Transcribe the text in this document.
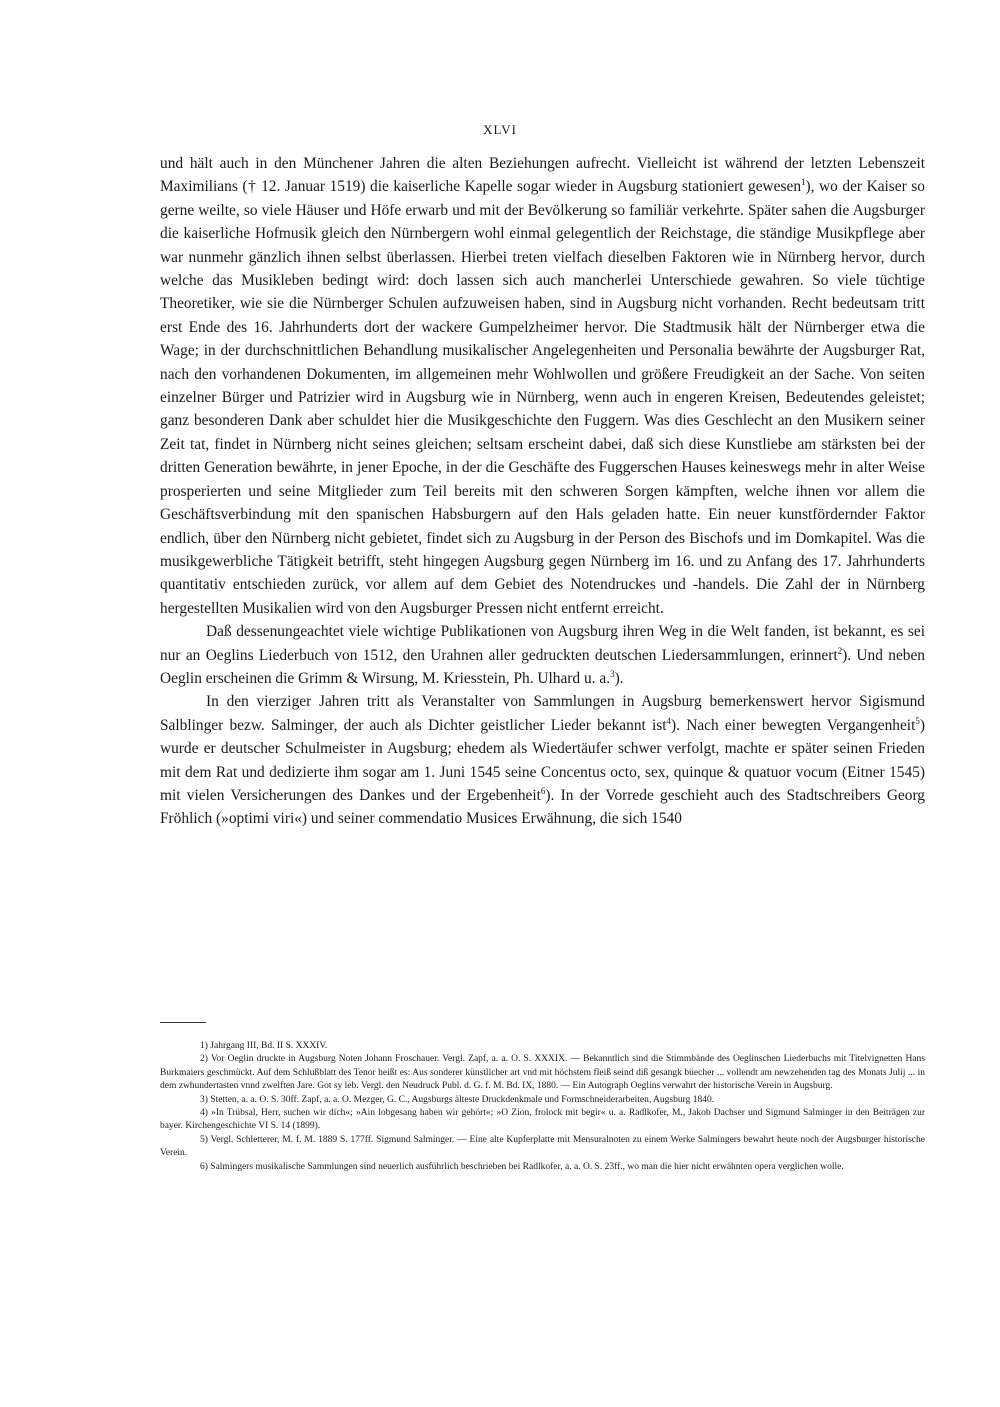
XLVI

und hält auch in den Münchener Jahren die alten Beziehungen aufrecht. Vielleicht ist während der letzten Lebenszeit Maximilians († 12. Januar 1519) die kaiserliche Kapelle sogar wieder in Augsburg stationiert gewesen$^1$), wo der Kaiser so gerne weilte, so viele Häuser und Höfe erwarb und mit der Bevölkerung so familiär verkehrte. Später sahen die Augsburger die kaiserliche Hofmusik gleich den Nürnbergern wohl einmal gelegentlich der Reichstage, die ständige Musikpflege aber war nunmehr gänzlich ihnen selbst überlassen. Hierbei treten vielfach dieselben Faktoren wie in Nürnberg hervor, durch welche das Musikleben bedingt wird: doch lassen sich auch mancherlei Unterschiede gewahren. So viele tüchtige Theoretiker, wie sie die Nürnberger Schulen aufzuweisen haben, sind in Augsburg nicht vorhanden. Recht bedeutsam tritt erst Ende des 16. Jahrhunderts dort der wackere Gumpelzheimer hervor. Die Stadtmusik hält der Nürnberger etwa die Wage; in der durchschnittlichen Behandlung musikalischer Angelegenheiten und Personalia bewährte der Augsburger Rat, nach den vorhandenen Dokumenten, im allgemeinen mehr Wohlwollen und größere Freudigkeit an der Sache. Von seiten einzelner Bürger und Patrizier wird in Augsburg wie in Nürnberg, wenn auch in engeren Kreisen, Bedeutendes geleistet; ganz besonderen Dank aber schuldet hier die Musikgeschichte den Fuggern. Was dies Geschlecht an den Musikern seiner Zeit tat, findet in Nürnberg nicht seines gleichen; seltsam erscheint dabei, daß sich diese Kunstliebe am stärksten bei der dritten Generation bewährte, in jener Epoche, in der die Geschäfte des Fuggerschen Hauses keineswegs mehr in alter Weise prosperierten und seine Mitglieder zum Teil bereits mit den schweren Sorgen kämpften, welche ihnen vor allem die Geschäftsverbindung mit den spanischen Habsburgern auf den Hals geladen hatte. Ein neuer kunstfördernder Faktor endlich, über den Nürnberg nicht gebietet, findet sich zu Augsburg in der Person des Bischofs und im Domkapitel. Was die musikgewerbliche Tätigkeit betrifft, steht hingegen Augsburg gegen Nürnberg im 16. und zu Anfang des 17. Jahrhunderts quantitativ entschieden zurück, vor allem auf dem Gebiet des Notendruckes und -handels. Die Zahl der in Nürnberg hergestellten Musikalien wird von den Augsburger Pressen nicht entfernt erreicht.

Daß dessenungeachtet viele wichtige Publikationen von Augsburg ihren Weg in die Welt fanden, ist bekannt, es sei nur an Oeglins Liederbuch von 1512, den Urahnen aller gedruckten deutschen Liedersammlungen, erinnert$^2$). Und neben Oeglin erscheinen die Grimm & Wirsung, M. Kriesstein, Ph. Ulhard u. a.$^3$).

In den vierziger Jahren tritt als Veranstalter von Sammlungen in Augsburg bemerkenswert hervor Sigismund Salblinger bezw. Salminger, der auch als Dichter geistlicher Lieder bekannt ist$^4$). Nach einer bewegten Vergangenheit$^5$) wurde er deutscher Schulmeister in Augsburg; ehedem als Wiedertäufer schwer verfolgt, machte er später seinen Frieden mit dem Rat und dedizierte ihm sogar am 1. Juni 1545 seine Concentus octo, sex, quinque & quatuor vocum (Eitner 1545) mit vielen Versicherungen des Dankes und der Ergebenheit$^6$). In der Vorrede geschieht auch des Stadtschreibers Georg Fröhlich (»optimi viri«) und seiner commendatio Musices Erwähnung, die sich 1540

1) Jahrgang III, Bd. II S. XXXIV.

2) Vor Oeglin druckte in Augsburg Noten Johann Froschauer. Vergl. Zapf, a. a. O. S. XXXIX. — Bekanntlich sind die Stimmbände des Oeglinschen Liederbuchs mit Titelvignetten Hans Burkmaiers geschmückt. Auf dem Schlußblatt des Tenor heißt es: Aus sonderer künstlicher art vnd mit höchstem fleiß seind diß gesangk büecher ... vollendt am newzehenden tag des Monats Julij ... in dem zwhundertasten vnnd zwelften Jare. Got sy leb. Vergl. den Neudruck Publ. d. G. f. M. Bd. IX, 1880. — Ein Autograph Oeglins verwahrt der historische Verein in Augsburg.

3) Stetten, a. a. O. S. 30ff. Zapf, a. a. O. Mezger, G. C., Augsburgs älteste Druckdenkmale und Formschneiderarbeiten, Augsburg 1840.

4) »In Trübsal, Herr, suchen wir dich«; »Ain lobgesang haben wir gehört«; »O Zion, frolock mit begir« u. a. Radlkofer, M., Jakob Dachser und Sigmund Salminger in den Beiträgen zur bayer. Kirchengeschichte VI S. 14 (1899).

5) Vergl. Schletterer, M. f. M. 1889 S. 177ff. Sigmund Salminger. — Eine alte Kupferplatte mit Mensuralnoten zu einem Werke Salmingers bewahrt heute noch der Augsburger historische Verein.

6) Salmingers musikalische Sammlungen sind neuerlich ausführlich beschrieben bei Radlkofer, a. a. O. S. 23ff., wo man die hier nicht erwähnten opera verglichen wolle.
